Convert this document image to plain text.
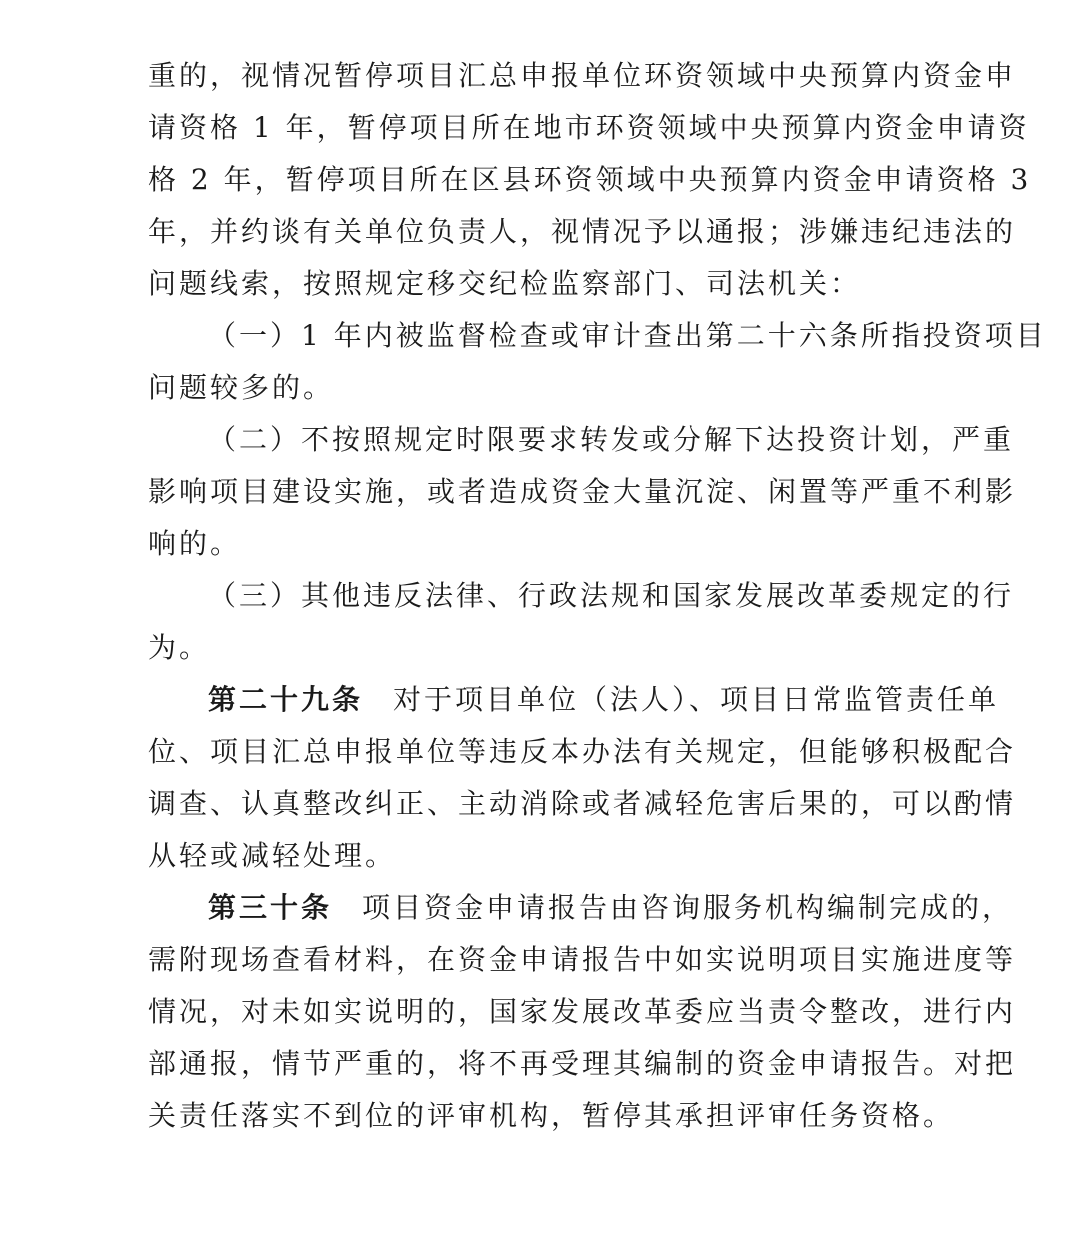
重的，视情况暂停项目汇总申报单位环资领域中央预算内资金申
请资格 1 年，暂停项目所在地市环资领域中央预算内资金申请资
格 2 年，暂停项目所在区县环资领域中央预算内资金申请资格 3
年，并约谈有关单位负责人，视情况予以通报；涉嫌违纪违法的
问题线索，按照规定移交纪检监察部门、司法机关：
（一）1 年内被监督检查或审计查出第二十六条所指投资项目
问题较多的。
（二）不按照规定时限要求转发或分解下达投资计划，严重
影响项目建设实施，或者造成资金大量沉淀、闲置等严重不利影
响的。
（三）其他违反法律、行政法规和国家发展改革委规定的行
为。
第二十九条 对于项目单位（法人）、项目日常监管责任单
位、项目汇总申报单位等违反本办法有关规定，但能够积极配合
调查、认真整改纠正、主动消除或者减轻危害后果的，可以酌情
从轻或减轻处理。
第三十条 项目资金申请报告由咨询服务机构编制完成的，
需附现场查看材料，在资金申请报告中如实说明项目实施进度等
情况，对未如实说明的，国家发展改革委应当责令整改，进行内
部通报，情节严重的，将不再受理其编制的资金申请报告。对把
关责任落实不到位的评审机构，暂停其承担评审任务资格。
